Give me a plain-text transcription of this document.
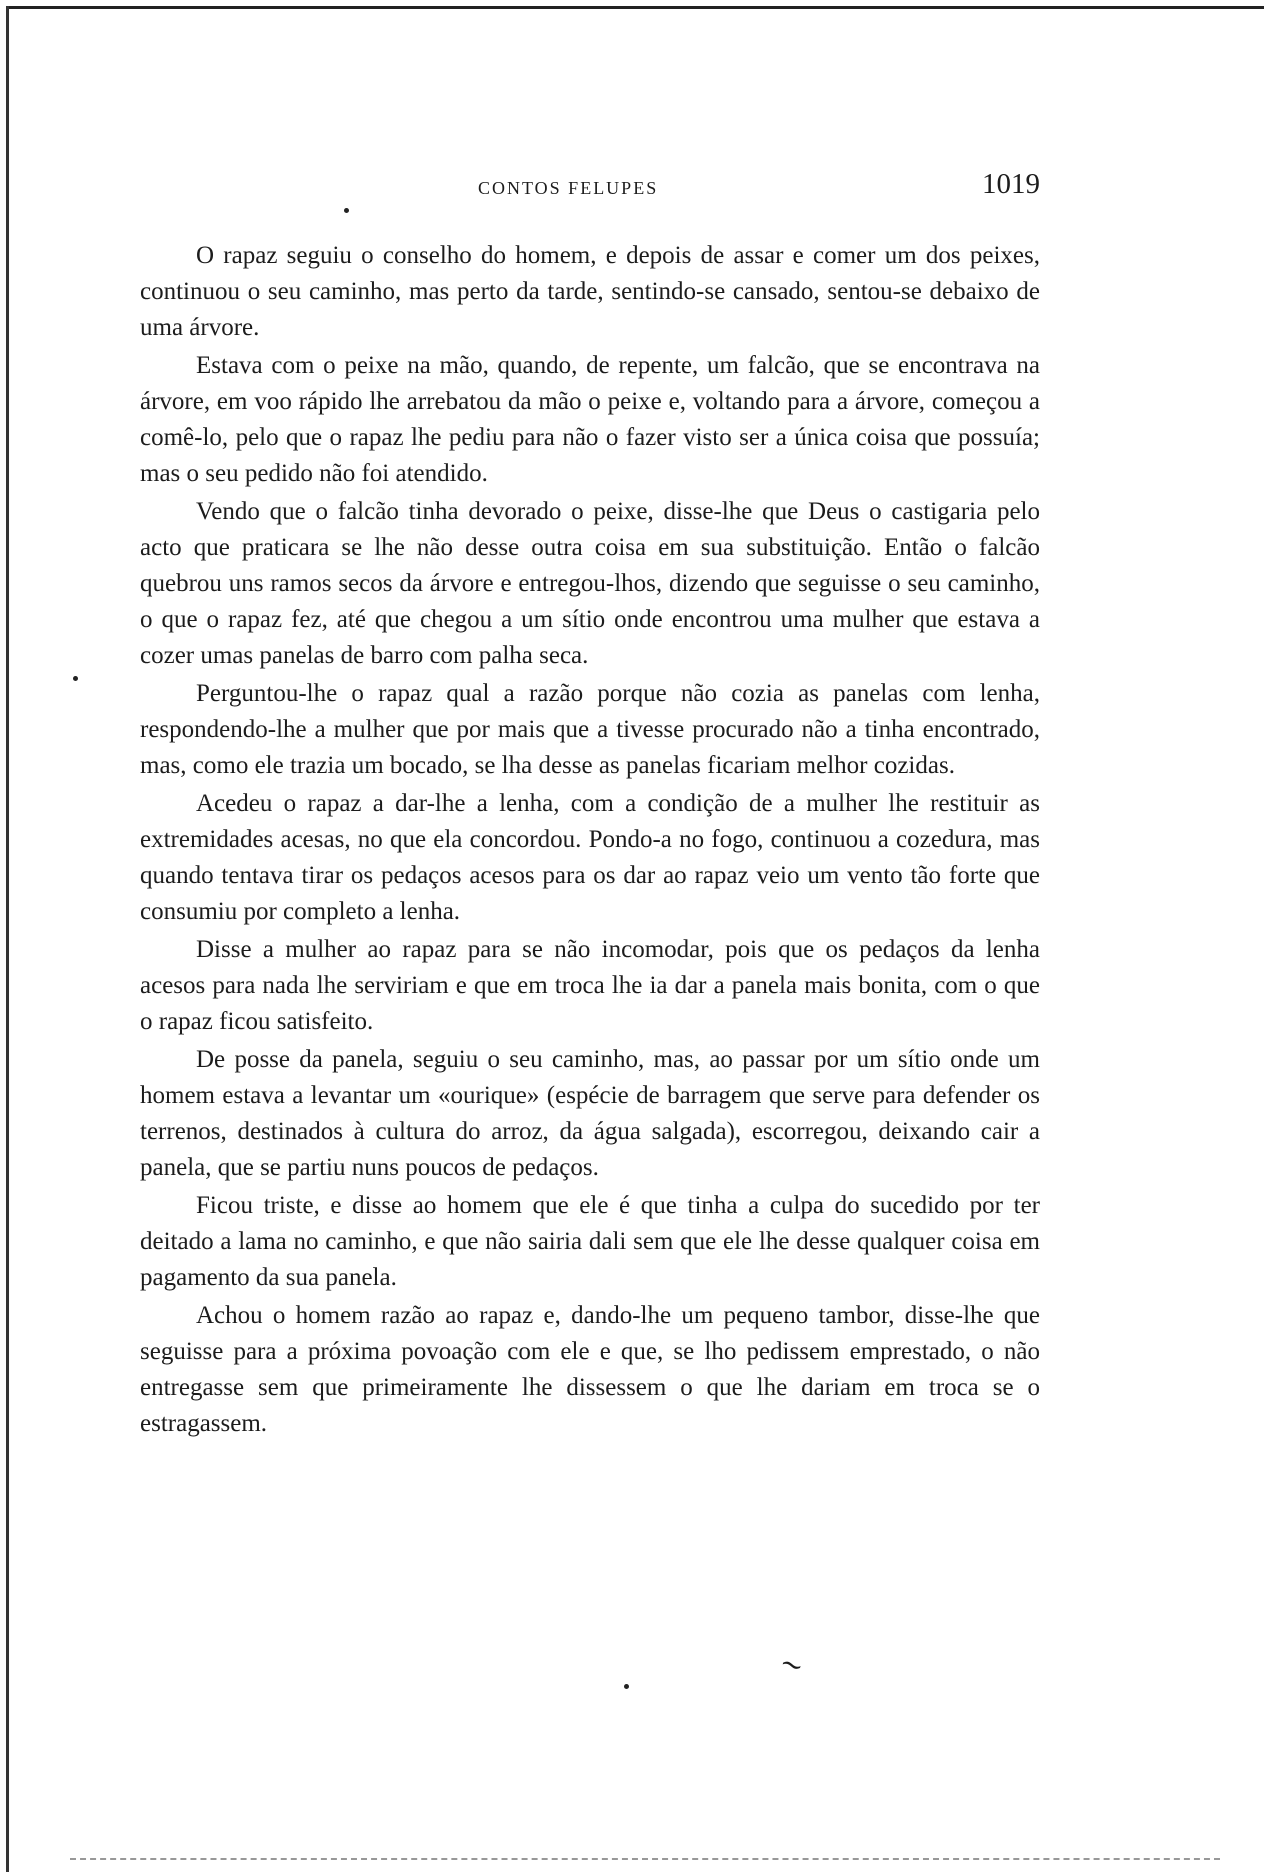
CONTOS FELUPES	1019

O rapaz seguiu o conselho do homem, e depois de assar e comer um dos peixes, continuou o seu caminho, mas perto da tarde, sentindo-se cansado, sentou-se debaixo de uma árvore.

Estava com o peixe na mão, quando, de repente, um falcão, que se encontrava na árvore, em voo rápido lhe arrebatou da mão o peixe e, voltando para a árvore, começou a comê-lo, pelo que o rapaz lhe pediu para não o fazer visto ser a única coisa que possuía; mas o seu pedido não foi atendido.

Vendo que o falcão tinha devorado o peixe, disse-lhe que Deus o castigaria pelo acto que praticara se lhe não desse outra coisa em sua substituição. Então o falcão quebrou uns ramos secos da árvore e entregou-lhos, dizendo que seguisse o seu caminho, o que o rapaz fez, até que chegou a um sítio onde encontrou uma mulher que estava a cozer umas panelas de barro com palha seca.

Perguntou-lhe o rapaz qual a razão porque não cozia as panelas com lenha, respondendo-lhe a mulher que por mais que a tivesse procurado não a tinha encontrado, mas, como ele trazia um bocado, se lha desse as panelas ficariam melhor cozidas.

Acedeu o rapaz a dar-lhe a lenha, com a condição de a mulher lhe restituir as extremidades acesas, no que ela concordou. Pondo-a no fogo, continuou a cozedura, mas quando tentava tirar os pedaços acesos para os dar ao rapaz veio um vento tão forte que consumiu por completo a lenha.

Disse a mulher ao rapaz para se não incomodar, pois que os pedaços da lenha acesos para nada lhe serviriam e que em troca lhe ia dar a panela mais bonita, com o que o rapaz ficou satisfeito.

De posse da panela, seguiu o seu caminho, mas, ao passar por um sítio onde um homem estava a levantar um «ourique» (espécie de barragem que serve para defender os terrenos, destinados à cultura do arroz, da água salgada), escorregou, deixando cair a panela, que se partiu nuns poucos de pedaços.

Ficou triste, e disse ao homem que ele é que tinha a culpa do sucedido por ter deitado a lama no caminho, e que não sairia dali sem que ele lhe desse qualquer coisa em pagamento da sua panela.

Achou o homem razão ao rapaz e, dando-lhe um pequeno tambor, disse-lhe que seguisse para a próxima povoação com ele e que, se lho pedissem emprestado, o não entregasse sem que primeiramente lhe dissessem o que lhe dariam em troca se o estragassem.

∼
